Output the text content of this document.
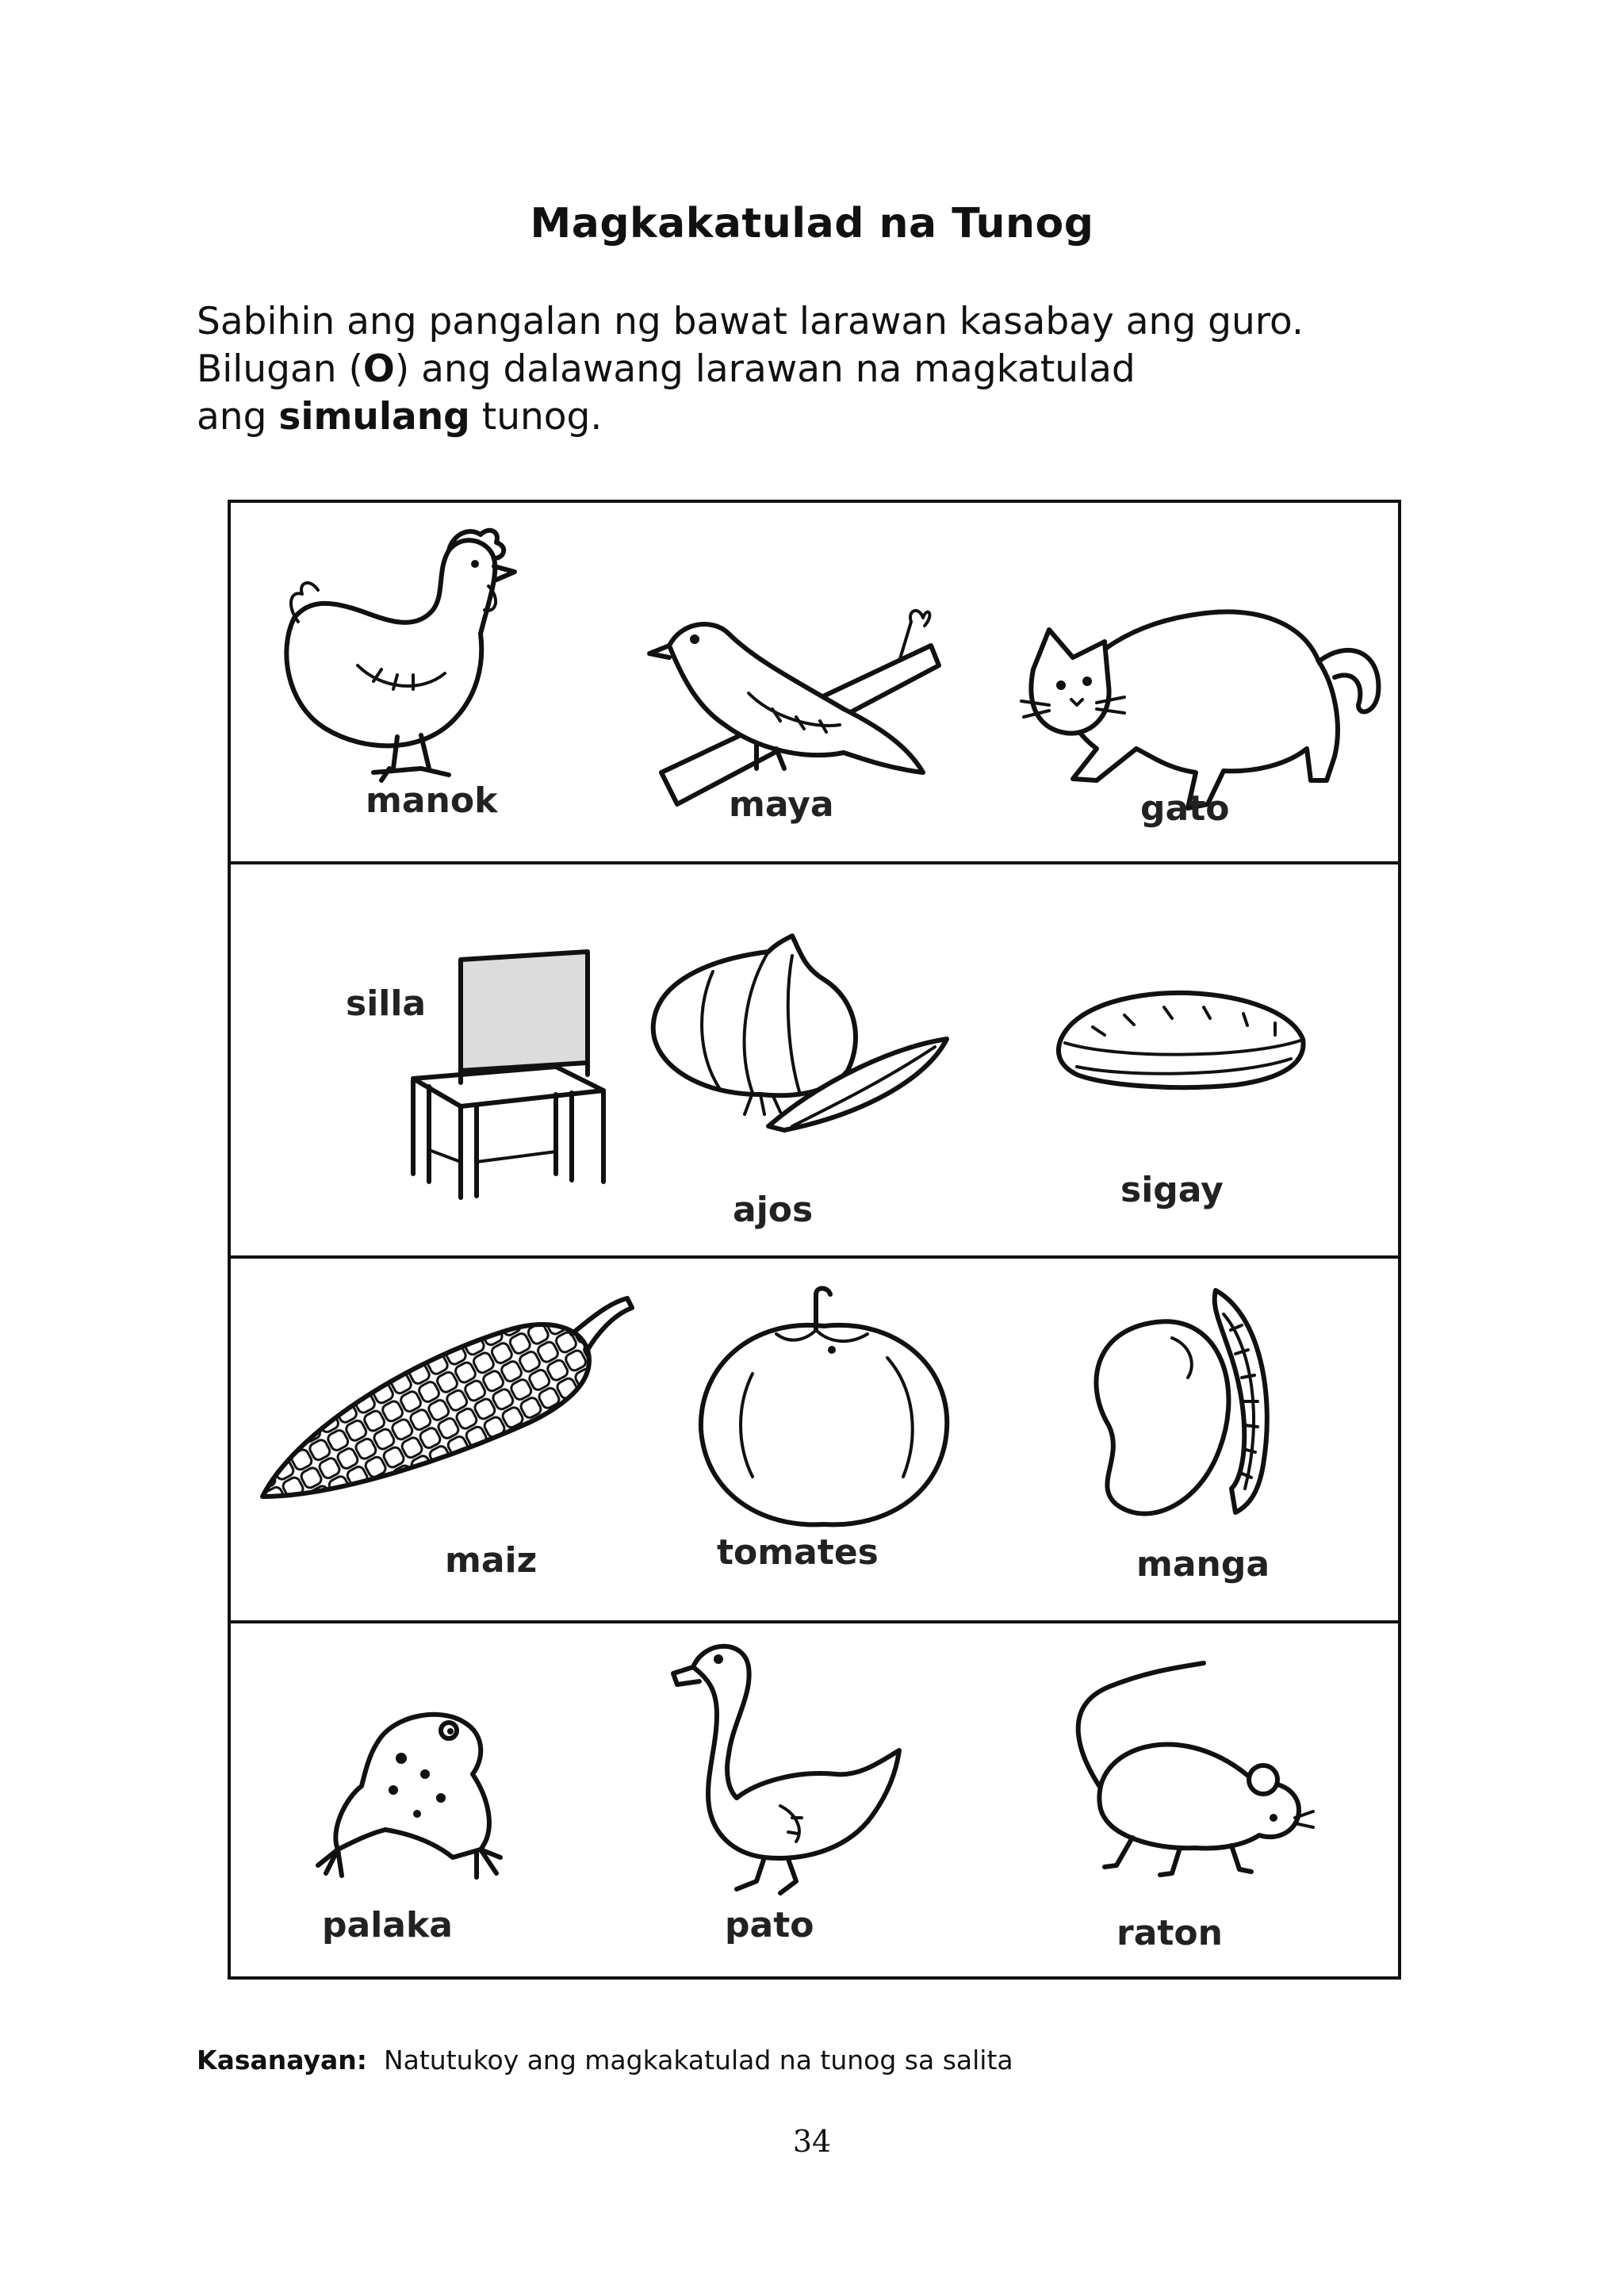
Magkakatulad na Tunog
Sabihin ang pangalan ng bawat larawan kasabay ang guro.
Bilugan (O) ang dalawang larawan na magkatulad
ang simulang tunog.
manok	maya	gato
silla
ajos	sigay
maiz	tomates	manga
palaka	pato	raton
Kasanayan: Natutukoy ang magkakatulad na tunog sa salita
34
